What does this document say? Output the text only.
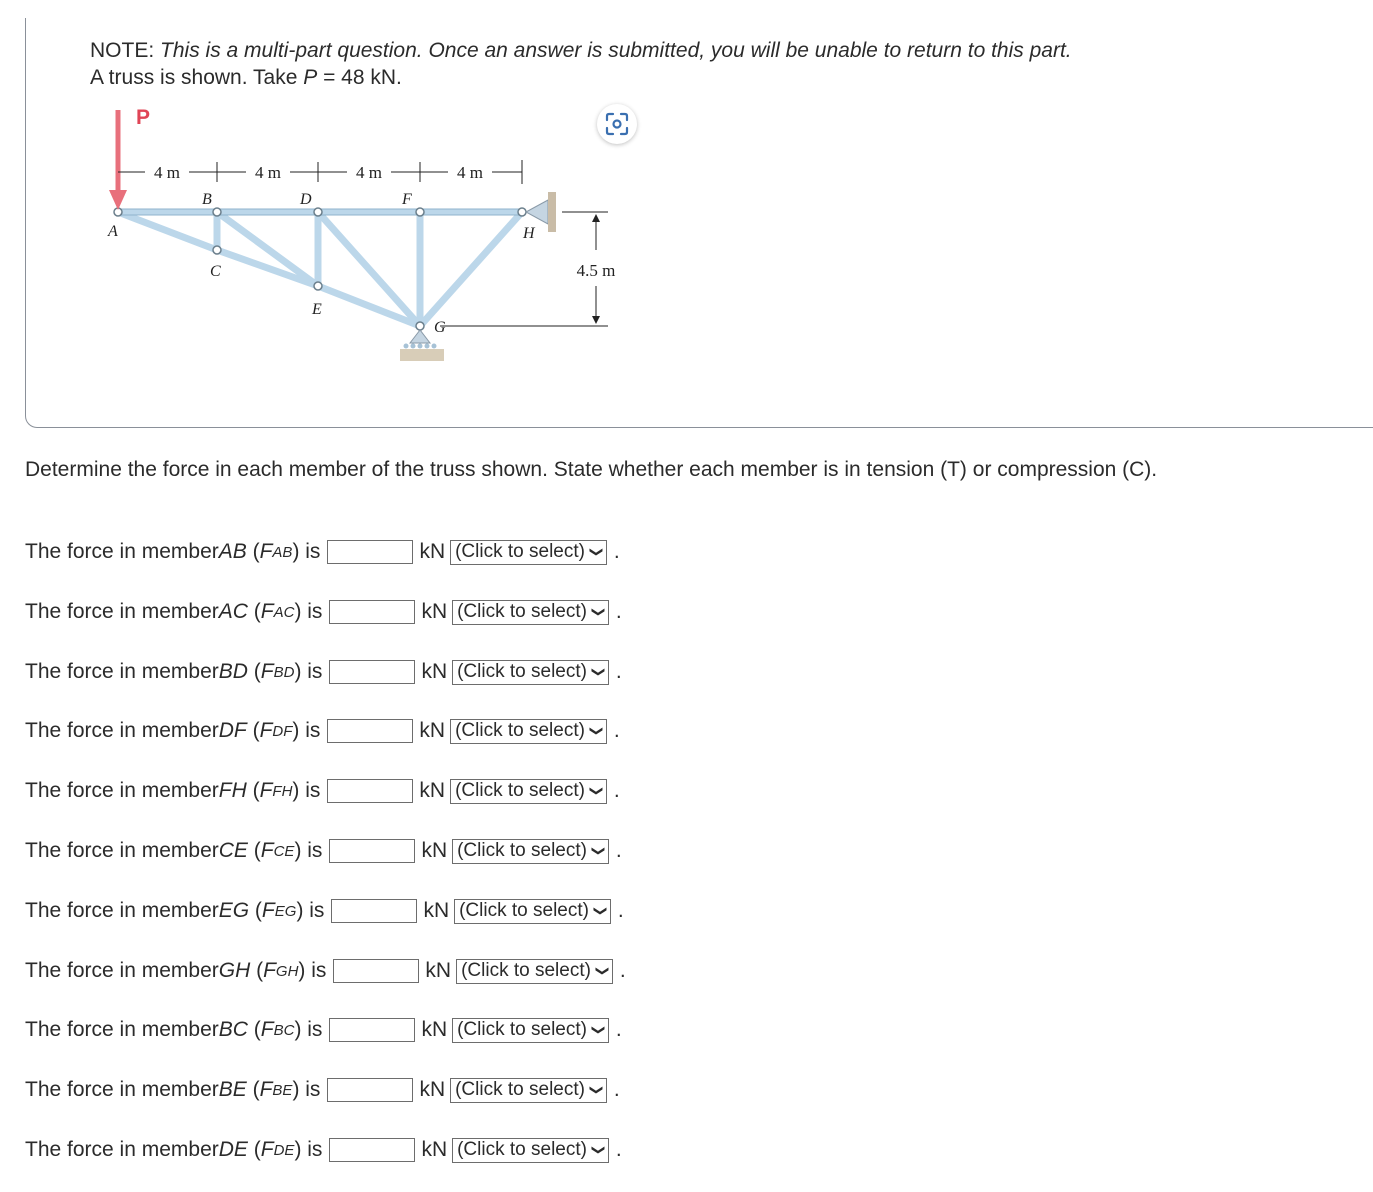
NOTE: This is a multi-part question. Once an answer is submitted, you will be unable to return to this part.
A truss is shown. Take P = 48 kN.
P
4 m	4 m	4 m	4 m
4.5 m
A
B
C
D
E
F
G
H
Determine the force in each member of the truss shown. State whether each member is in tension (T) or compression (C).
The force in member AB ( F AB ) is	kN (Click to select) ❯ .
The force in member AC ( F AC ) is	kN (Click to select) ❯ .
The force in member BD ( F BD ) is	kN (Click to select) ❯ .
The force in member DF ( F DF ) is	kN (Click to select) ❯ .
The force in member FH ( F FH ) is	kN (Click to select) ❯ .
The force in member CE ( F CE ) is	kN (Click to select) ❯ .
The force in member EG ( F EG ) is	kN (Click to select) ❯ .
The force in member GH ( F GH ) is	kN (Click to select) ❯ .
The force in member BC ( F BC ) is	kN (Click to select) ❯ .
The force in member BE ( F BE ) is	kN (Click to select) ❯ .
The force in member DE ( F DE ) is	kN (Click to select) ❯ .
